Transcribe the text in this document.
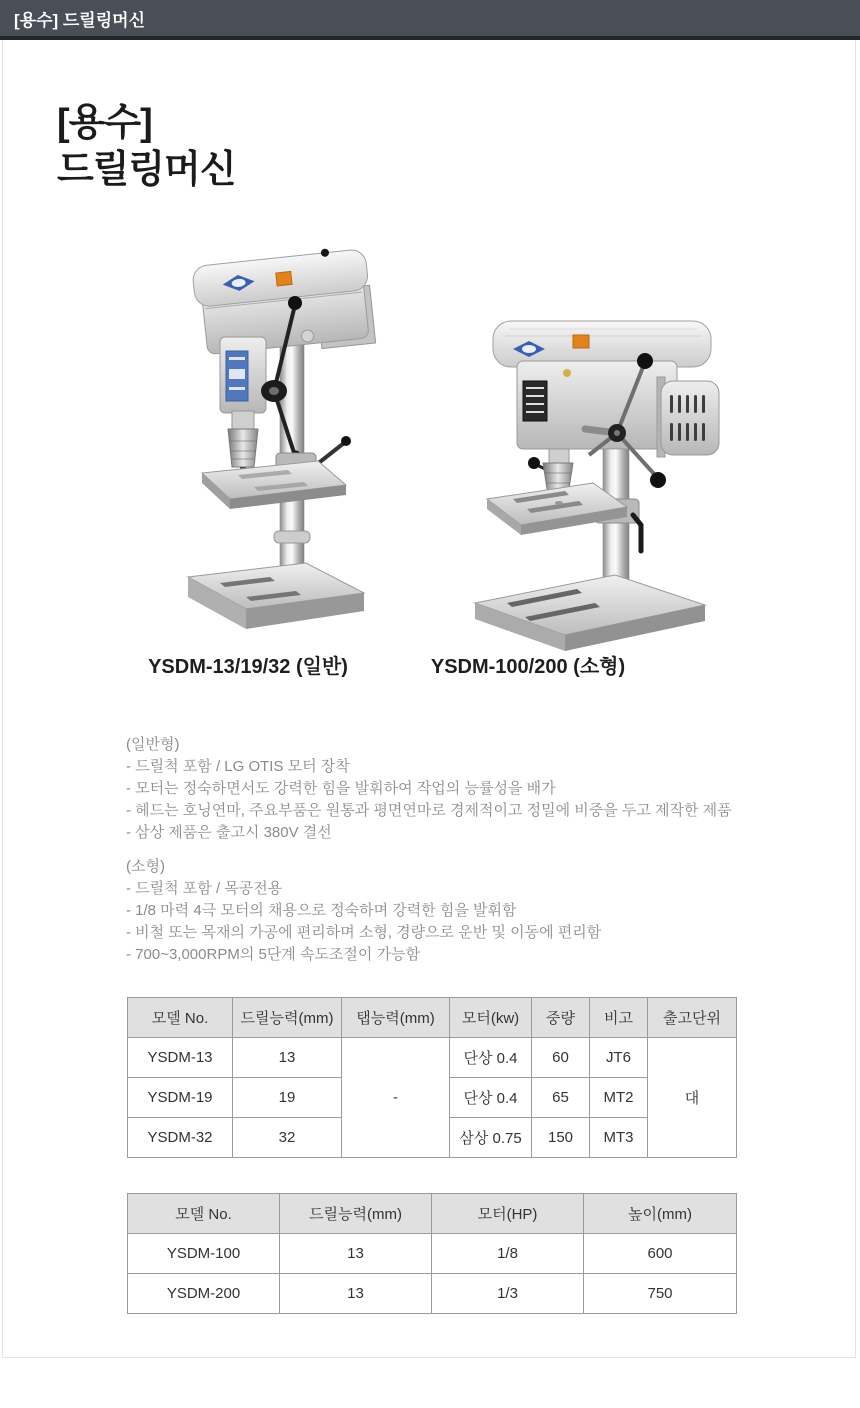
[용수] 드릴링머신
[용수]
드릴링머신
YSDM-13/19/32 (일반)	YSDM-100/200 (소형)
(일반형)
- 드릴척 포함 / LG OTIS 모터 장착
- 모터는 정숙하면서도 강력한 힘을 발휘하여 작업의 능률성을 배가
- 헤드는 호닝연마, 주요부품은 원통과 평면연마로 경제적이고 정밀에 비중을 두고 제작한 제품
- 삼상 제품은 출고시 380V 결선
(소형)
- 드릴척 포함 / 목공전용
- 1/8 마력 4극 모터의 채용으로 정숙하며 강력한 힘을 발휘함
- 비철 또는 목재의 가공에 편리하며 소형, 경량으로 운반 및 이동에 편리함
- 700~3,000RPM의 5단계 속도조절이 가능함
모델 No.	드릴능력(mm)	탭능력(mm)	모터(kw)	중량	비고	출고단위
YSDM-13	13	-	단상 0.4	60	JT6	대
YSDM-19	19		단상 0.4	65	MT2	
YSDM-32	32		삼상 0.75	150	MT3	
모델 No.	드릴능력(mm)	모터(HP)	높이(mm)
YSDM-100	13	1/8	600
YSDM-200	13	1/3	750
